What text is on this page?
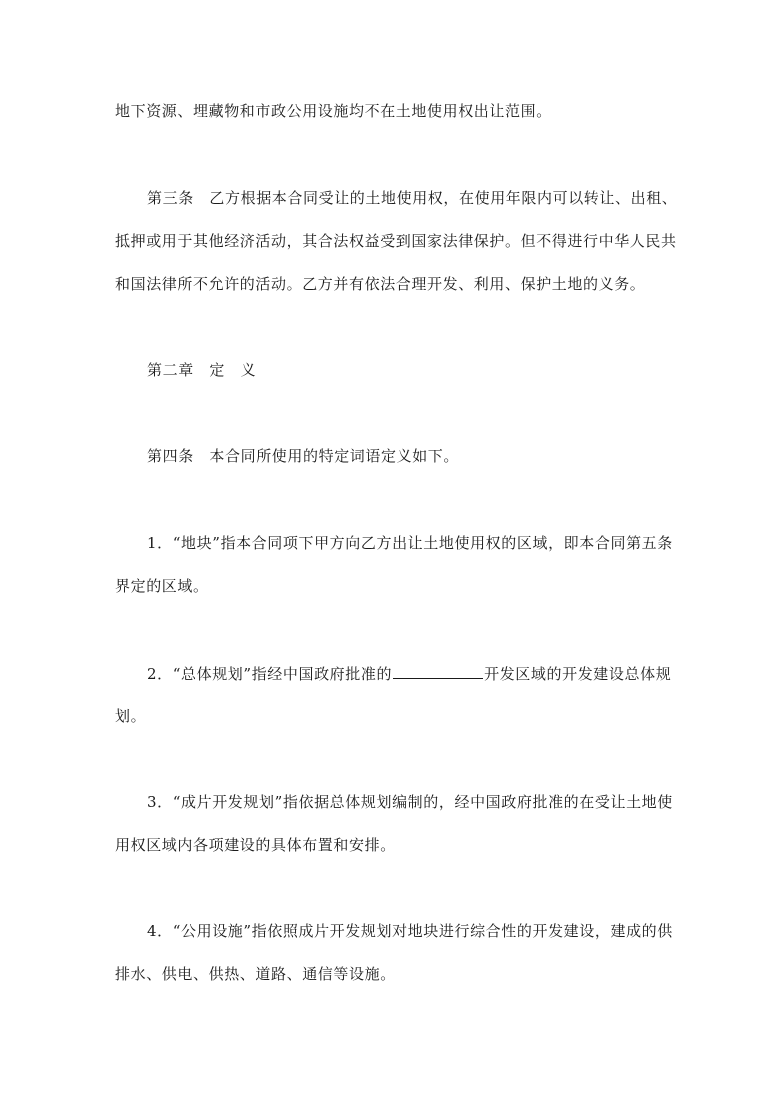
地下资源、埋藏物和市政公用设施均不在土地使用权出让范围。
第三条　乙方根据本合同受让的土地使用权，在使用年限内可以转让、出租、
抵押或用于其他经济活动，其合法权益受到国家法律保护。但不得进行中华人民共
和国法律所不允许的活动。乙方并有依法合理开发、利用、保护土地的义务。
第二章　定　义
第四条　本合同所使用的特定词语定义如下。
1．“地块”指本合同项下甲方向乙方出让土地使用权的区域，即本合同第五条
界定的区域。
2．“总体规划”指经中国政府批准的	开发区域的开发建设总体规
划。
3．“成片开发规划”指依据总体规划编制的，经中国政府批准的在受让土地使
用权区域内各项建设的具体布置和安排。
4．“公用设施”指依照成片开发规划对地块进行综合性的开发建设，建成的供
排水、供电、供热、道路、通信等设施。
